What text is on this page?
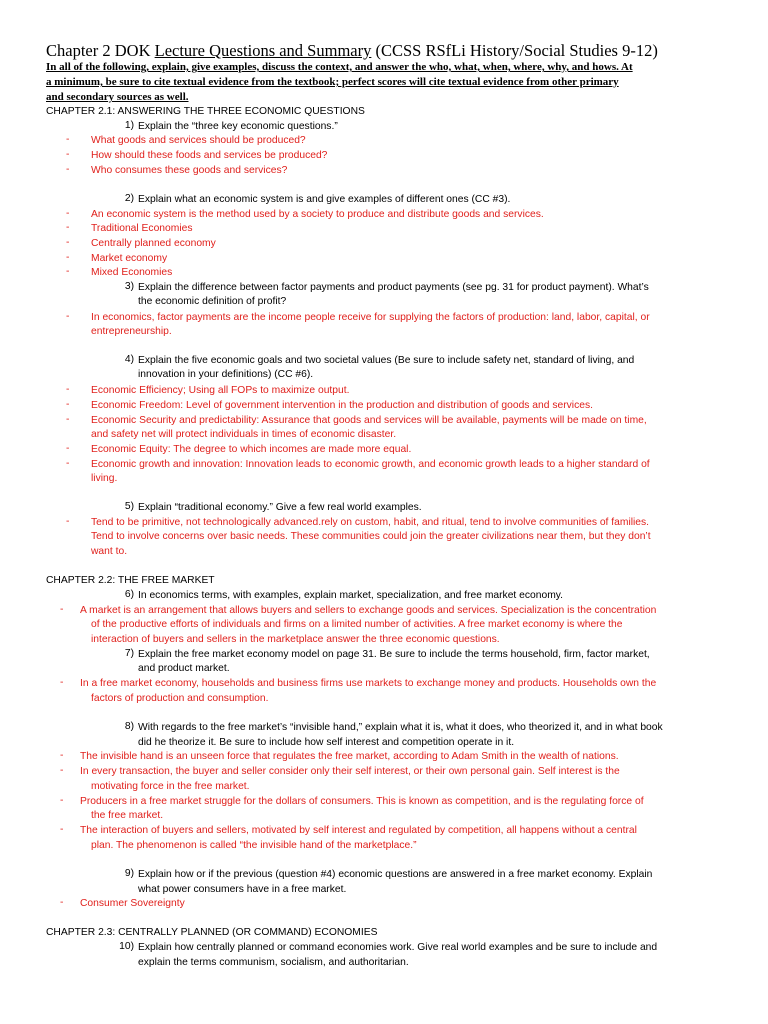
Chapter 2 DOK Lecture Questions and Summary (CCSS RSfLi History/Social Studies 9-12)
In all of the following, explain, give examples, discuss the context, and answer the who, what, when, where, why, and hows. At
a minimum, be sure to cite textual evidence from the textbook; perfect scores will cite textual evidence from other primary
and secondary sources as well.
CHAPTER 2.1: ANSWERING THE THREE ECONOMIC QUESTIONS
1) Explain the “three key economic questions.”
- What goods and services should be produced?
- How should these foods and services be produced?
- Who consumes these goods and services?
2) Explain what an economic system is and give examples of different ones (CC #3).
- An economic system is the method used by a society to produce and distribute goods and services.
- Traditional Economies
- Centrally planned economy
- Market economy
- Mixed Economies
3) Explain the difference between factor payments and product payments (see pg. 31 for product payment). What’s
the economic definition of profit?
- In economics, factor payments are the income people receive for supplying the factors of production: land, labor, capital, or
entrepreneurship.
4) Explain the five economic goals and two societal values (Be sure to include safety net, standard of living, and
innovation in your definitions) (CC #6).
- Economic Efficiency; Using all FOPs to maximize output.
- Economic Freedom: Level of government intervention in the production and distribution of goods and services.
- Economic Security and predictability: Assurance that goods and services will be available, payments will be made on time,
and safety net will protect individuals in times of economic disaster.
- Economic Equity: The degree to which incomes are made more equal.
- Economic growth and innovation: Innovation leads to economic growth, and economic growth leads to a higher standard of
living.
5) Explain “traditional economy.” Give a few real world examples.
- Tend to be primitive, not technologically advanced.rely on custom, habit, and ritual, tend to involve communities of families.
Tend to involve concerns over basic needs. These communities could join the greater civilizations near them, but they don’t
want to.
CHAPTER 2.2: THE FREE MARKET
6) In economics terms, with examples, explain market, specialization, and free market economy.
- A market is an arrangement that allows buyers and sellers to exchange goods and services. Specialization is the concentration
of the productive efforts of individuals and firms on a limited number of activities. A free market economy is where the
interaction of buyers and sellers in the marketplace answer the three economic questions.
7) Explain the free market economy model on page 31. Be sure to include the terms household, firm, factor market,
and product market.
- In a free market economy, households and business firms use markets to exchange money and products. Households own the
factors of production and consumption.
8) With regards to the free market’s “invisible hand,” explain what it is, what it does, who theorized it, and in what book
did he theorize it. Be sure to include how self interest and competition operate in it.
- The invisible hand is an unseen force that regulates the free market, according to Adam Smith in the wealth of nations.
- In every transaction, the buyer and seller consider only their self interest, or their own personal gain. Self interest is the
motivating force in the free market.
- Producers in a free market struggle for the dollars of consumers. This is known as competition, and is the regulating force of
the free market.
- The interaction of buyers and sellers, motivated by self interest and regulated by competition, all happens without a central
plan. The phenomenon is called “the invisible hand of the marketplace.”
9) Explain how or if the previous (question #4) economic questions are answered in a free market economy. Explain
what power consumers have in a free market.
- Consumer Sovereignty
CHAPTER 2.3: CENTRALLY PLANNED (OR COMMAND) ECONOMIES
10) Explain how centrally planned or command economies work. Give real world examples and be sure to include and
explain the terms communism, socialism, and authoritarian.
